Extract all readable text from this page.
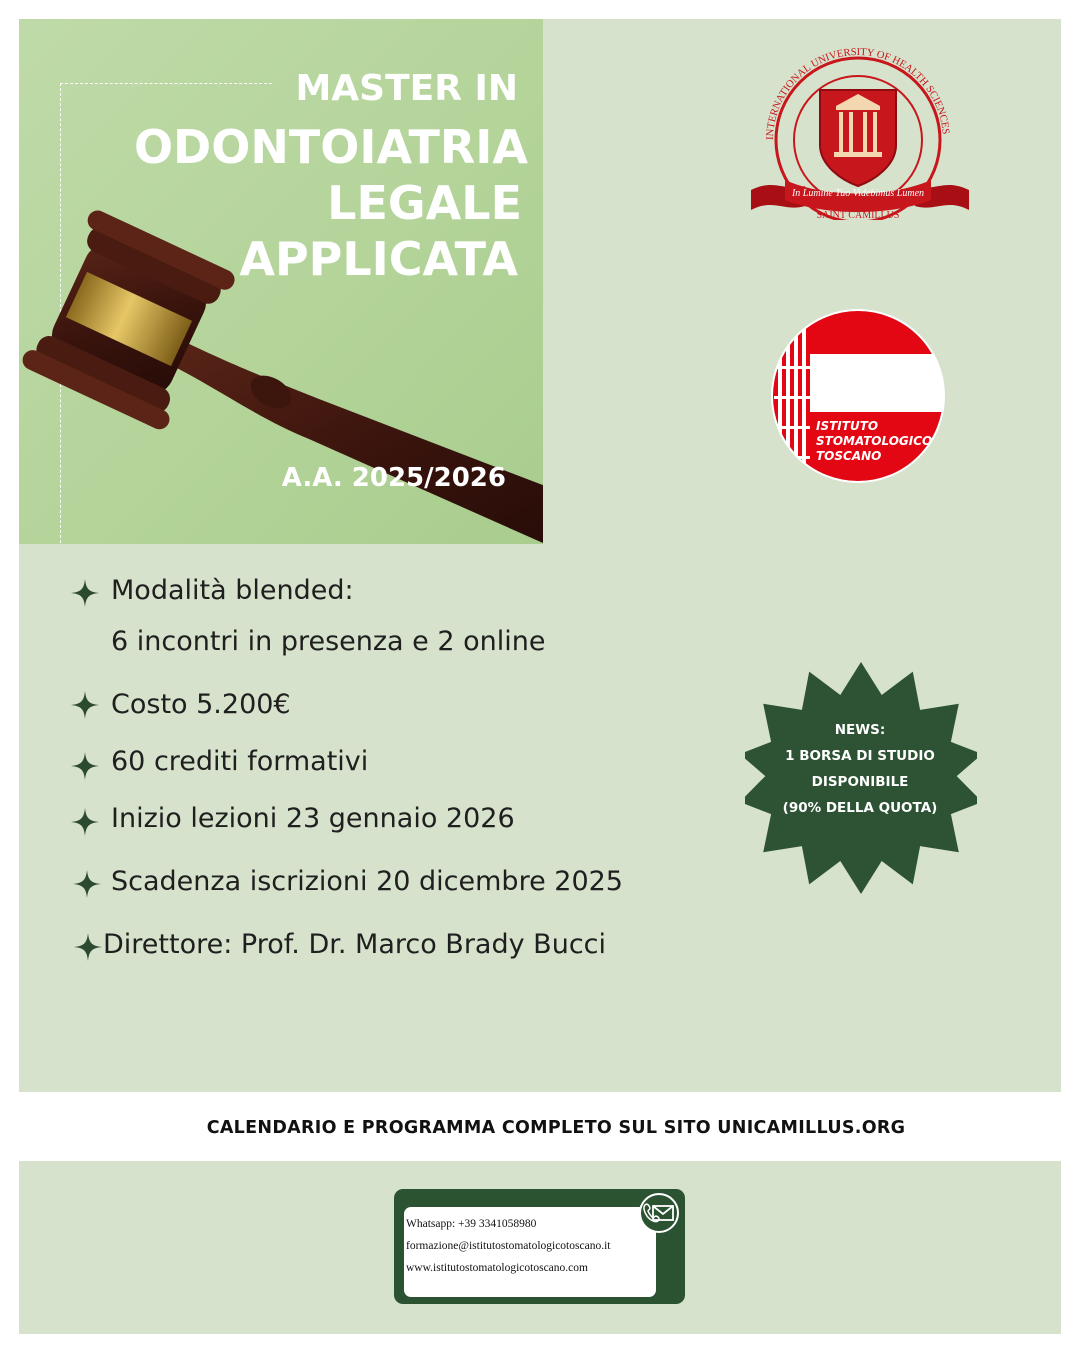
MASTER IN
ODONTOIATRIA
LEGALE
APPLICATA
A.A. 2025/2026
INTERNATIONAL UNIVERSITY OF HEALTH SCIENCES
In Lumine Tuo Videbimus Lumen
SAINT CAMILLUS
ISTITUTO
STOMATOLOGICO
TOSCANO
Modalità blended:
6 incontri in presenza e 2 online
Costo 5.200€
60 crediti formativi
Inizio lezioni 23 gennaio 2026
Scadenza iscrizioni 20 dicembre 2025
Direttore: Prof. Dr. Marco Brady Bucci
NEWS:
1 BORSA DI STUDIO
DISPONIBILE
(90% DELLA QUOTA)
CALENDARIO E PROGRAMMA COMPLETO SUL SITO UNICAMILLUS.ORG
Whatsapp: +39 3341058980
formazione@istitutostomatologicotoscano.it
www.istitutostomatologicotoscano.com
